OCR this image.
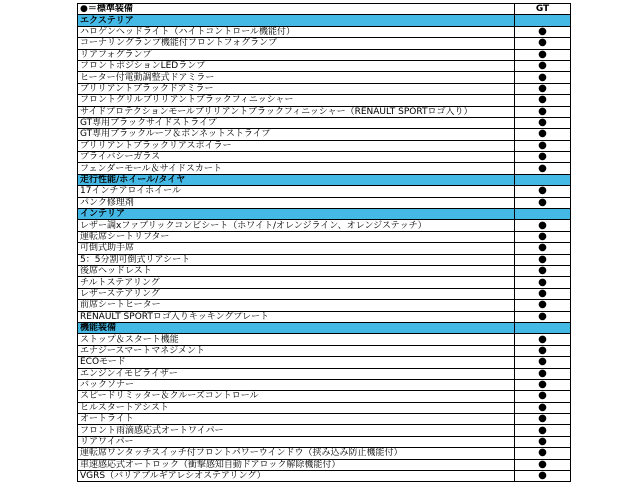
●＝標準装備	GT
エクステリア	
ハロゲンヘッドライト（ハイトコントロール機能付）	●
コーナリングランプ機能付フロントフォグランプ	●
リアフォグランプ	●
フロントポジションLEDランプ	●
ヒーター付電動調整式ドアミラー	●
ブリリアントブラックドアミラー	●
フロントグリルブリリアントブラックフィニッシャー	●
サイドプロテクションモールブリリアントブラックフィニッシャー（RENAULT SPORTロゴ入り）	●
GT専用ブラックサイドストライプ	●
GT専用ブラックルーフ＆ボンネットストライプ	●
ブリリアントブラックリアスポイラー	●
プライバシーガラス	●
フェンダーモール＆サイドスカート	●
走行性能/ホイール/タイヤ	
17インチアロイホイール	●
パンク修理剤	●
インテリア	
レザー調xファブリックコンビシート（ホワイト/オレンジライン、オレンジステッチ）	●
運転席シートリフター	●
可倒式助手席	●
5：5分割可倒式リアシート	●
後席ヘッドレスト	●
チルトステアリング	●
レザーステアリング	●
前席シートヒーター	●
RENAULT SPORTロゴ入りキッキングプレート	●
機能装備	
ストップ＆スタート機能	●
エナジースマートマネジメント	●
ECOモード	●
エンジンイモビライザー	●
バックソナー	●
スピードリミッター＆クルーズコントロール	●
ヒルスタートアシスト	●
オートライト	●
フロント雨滴感応式オートワイパー	●
リアワイパー	●
運転席ワンタッチスイッチ付フロントパワーウインドウ（挟み込み防止機能付）	●
車速感応式オートロック（衝撃感知自動ドアロック解除機能付）	●
VGRS（バリアブルギアレシオステアリング）	●
